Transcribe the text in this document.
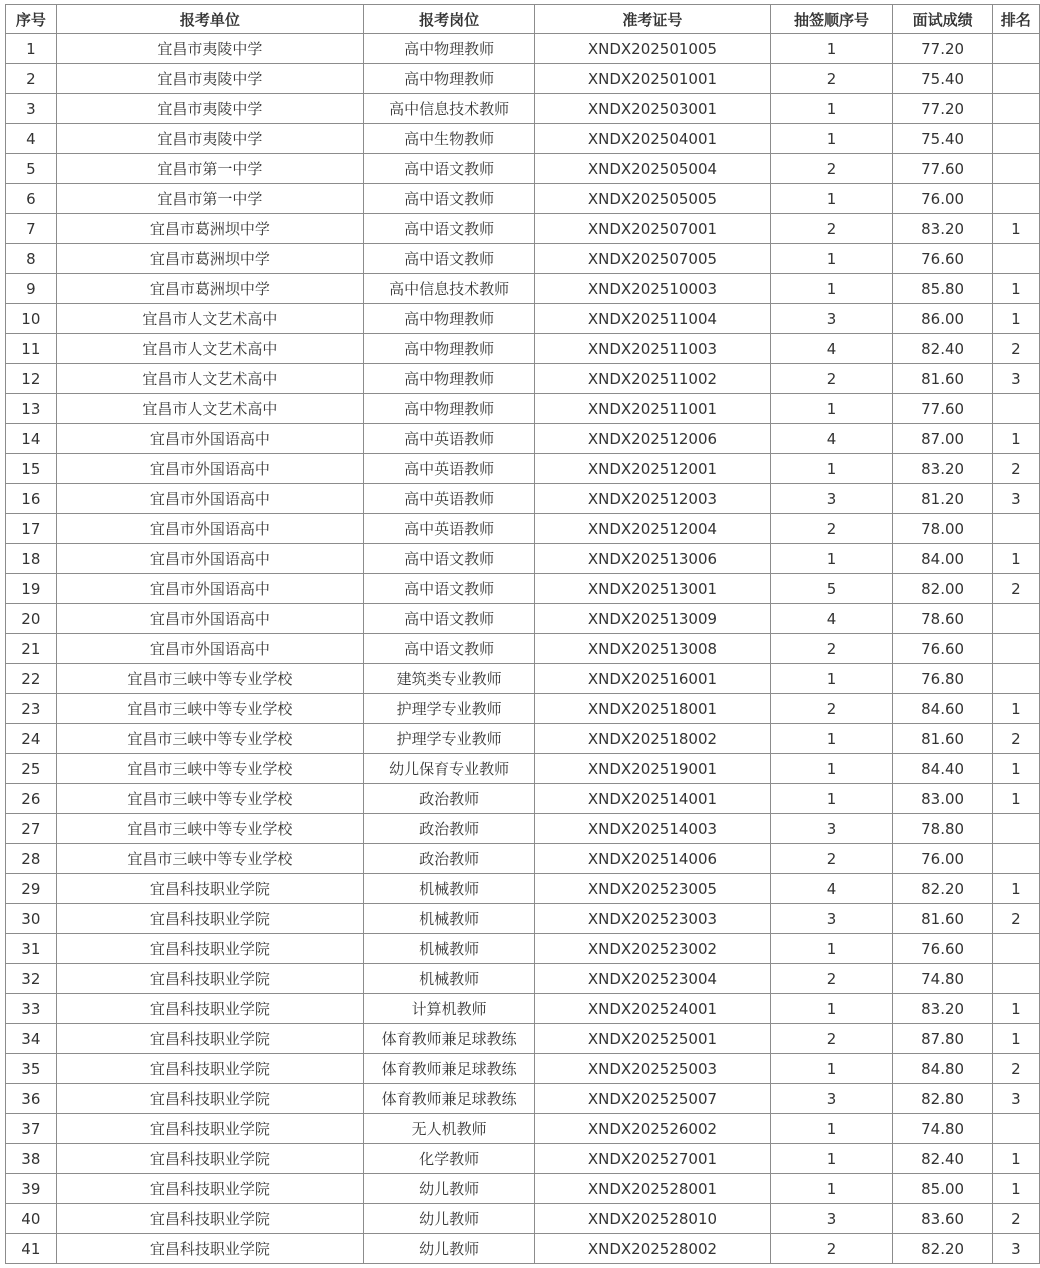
序号	报考单位	报考岗位	准考证号	抽签顺序号	面试成绩	排名
1	宜昌市夷陵中学	高中物理教师	XNDX202501005	1	77.20	
2	宜昌市夷陵中学	高中物理教师	XNDX202501001	2	75.40	
3	宜昌市夷陵中学	高中信息技术教师	XNDX202503001	1	77.20	
4	宜昌市夷陵中学	高中生物教师	XNDX202504001	1	75.40	
5	宜昌市第一中学	高中语文教师	XNDX202505004	2	77.60	
6	宜昌市第一中学	高中语文教师	XNDX202505005	1	76.00	
7	宜昌市葛洲坝中学	高中语文教师	XNDX202507001	2	83.20	1
8	宜昌市葛洲坝中学	高中语文教师	XNDX202507005	1	76.60	
9	宜昌市葛洲坝中学	高中信息技术教师	XNDX202510003	1	85.80	1
10	宜昌市人文艺术高中	高中物理教师	XNDX202511004	3	86.00	1
11	宜昌市人文艺术高中	高中物理教师	XNDX202511003	4	82.40	2
12	宜昌市人文艺术高中	高中物理教师	XNDX202511002	2	81.60	3
13	宜昌市人文艺术高中	高中物理教师	XNDX202511001	1	77.60	
14	宜昌市外国语高中	高中英语教师	XNDX202512006	4	87.00	1
15	宜昌市外国语高中	高中英语教师	XNDX202512001	1	83.20	2
16	宜昌市外国语高中	高中英语教师	XNDX202512003	3	81.20	3
17	宜昌市外国语高中	高中英语教师	XNDX202512004	2	78.00	
18	宜昌市外国语高中	高中语文教师	XNDX202513006	1	84.00	1
19	宜昌市外国语高中	高中语文教师	XNDX202513001	5	82.00	2
20	宜昌市外国语高中	高中语文教师	XNDX202513009	4	78.60	
21	宜昌市外国语高中	高中语文教师	XNDX202513008	2	76.60	
22	宜昌市三峡中等专业学校	建筑类专业教师	XNDX202516001	1	76.80	
23	宜昌市三峡中等专业学校	护理学专业教师	XNDX202518001	2	84.60	1
24	宜昌市三峡中等专业学校	护理学专业教师	XNDX202518002	1	81.60	2
25	宜昌市三峡中等专业学校	幼儿保育专业教师	XNDX202519001	1	84.40	1
26	宜昌市三峡中等专业学校	政治教师	XNDX202514001	1	83.00	1
27	宜昌市三峡中等专业学校	政治教师	XNDX202514003	3	78.80	
28	宜昌市三峡中等专业学校	政治教师	XNDX202514006	2	76.00	
29	宜昌科技职业学院	机械教师	XNDX202523005	4	82.20	1
30	宜昌科技职业学院	机械教师	XNDX202523003	3	81.60	2
31	宜昌科技职业学院	机械教师	XNDX202523002	1	76.60	
32	宜昌科技职业学院	机械教师	XNDX202523004	2	74.80	
33	宜昌科技职业学院	计算机教师	XNDX202524001	1	83.20	1
34	宜昌科技职业学院	体育教师兼足球教练	XNDX202525001	2	87.80	1
35	宜昌科技职业学院	体育教师兼足球教练	XNDX202525003	1	84.80	2
36	宜昌科技职业学院	体育教师兼足球教练	XNDX202525007	3	82.80	3
37	宜昌科技职业学院	无人机教师	XNDX202526002	1	74.80	
38	宜昌科技职业学院	化学教师	XNDX202527001	1	82.40	1
39	宜昌科技职业学院	幼儿教师	XNDX202528001	1	85.00	1
40	宜昌科技职业学院	幼儿教师	XNDX202528010	3	83.60	2
41	宜昌科技职业学院	幼儿教师	XNDX202528002	2	82.20	3
